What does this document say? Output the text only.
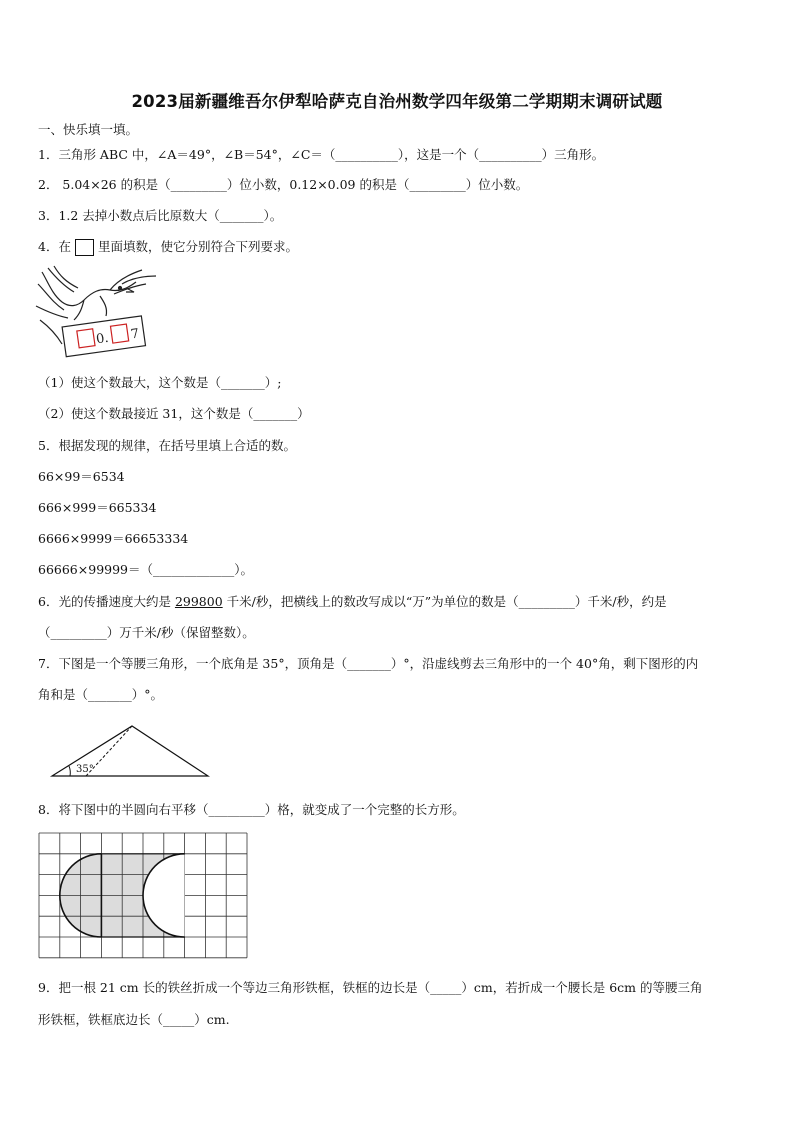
2023届新疆维吾尔伊犁哈萨克自治州数学四年级第二学期期末调研试题
一、快乐填一填。
1．三角形 ABC 中，∠A＝49°，∠B＝54°，∠C＝（__________），这是一个（__________）三角形。
2． 5.04×26 的积是（_________）位小数，0.12×0.09 的积是（_________）位小数。
3．1.2 去掉小数点后比原数大（_______）。
4．在 里面填数，使它分别符合下列要求。
0. 7
（1）使这个数最大，这个数是（_______）;
（2）使这个数最接近 31，这个数是（_______）
5．根据发现的规律，在括号里填上合适的数。
66×99＝6534
666×999＝665334
6666×9999＝66653334
66666×99999＝（_____________）。
6．光的传播速度大约是 299800 千米/秒，把横线上的数改写成以“万”为单位的数是（_________）千米/秒，约是
（_________）万千米/秒（保留整数）。
7．下图是一个等腰三角形，一个底角是 35°，顶角是（_______）°，沿虚线剪去三角形中的一个 40°角，剩下图形的内
角和是（_______）°。
35°
8．将下图中的半圆向右平移（_________）格，就变成了一个完整的长方形。
9．把一根 21 cm 长的铁丝折成一个等边三角形铁框，铁框的边长是（_____）cm，若折成一个腰长是 6cm 的等腰三角
形铁框，铁框底边长（_____）cm.
